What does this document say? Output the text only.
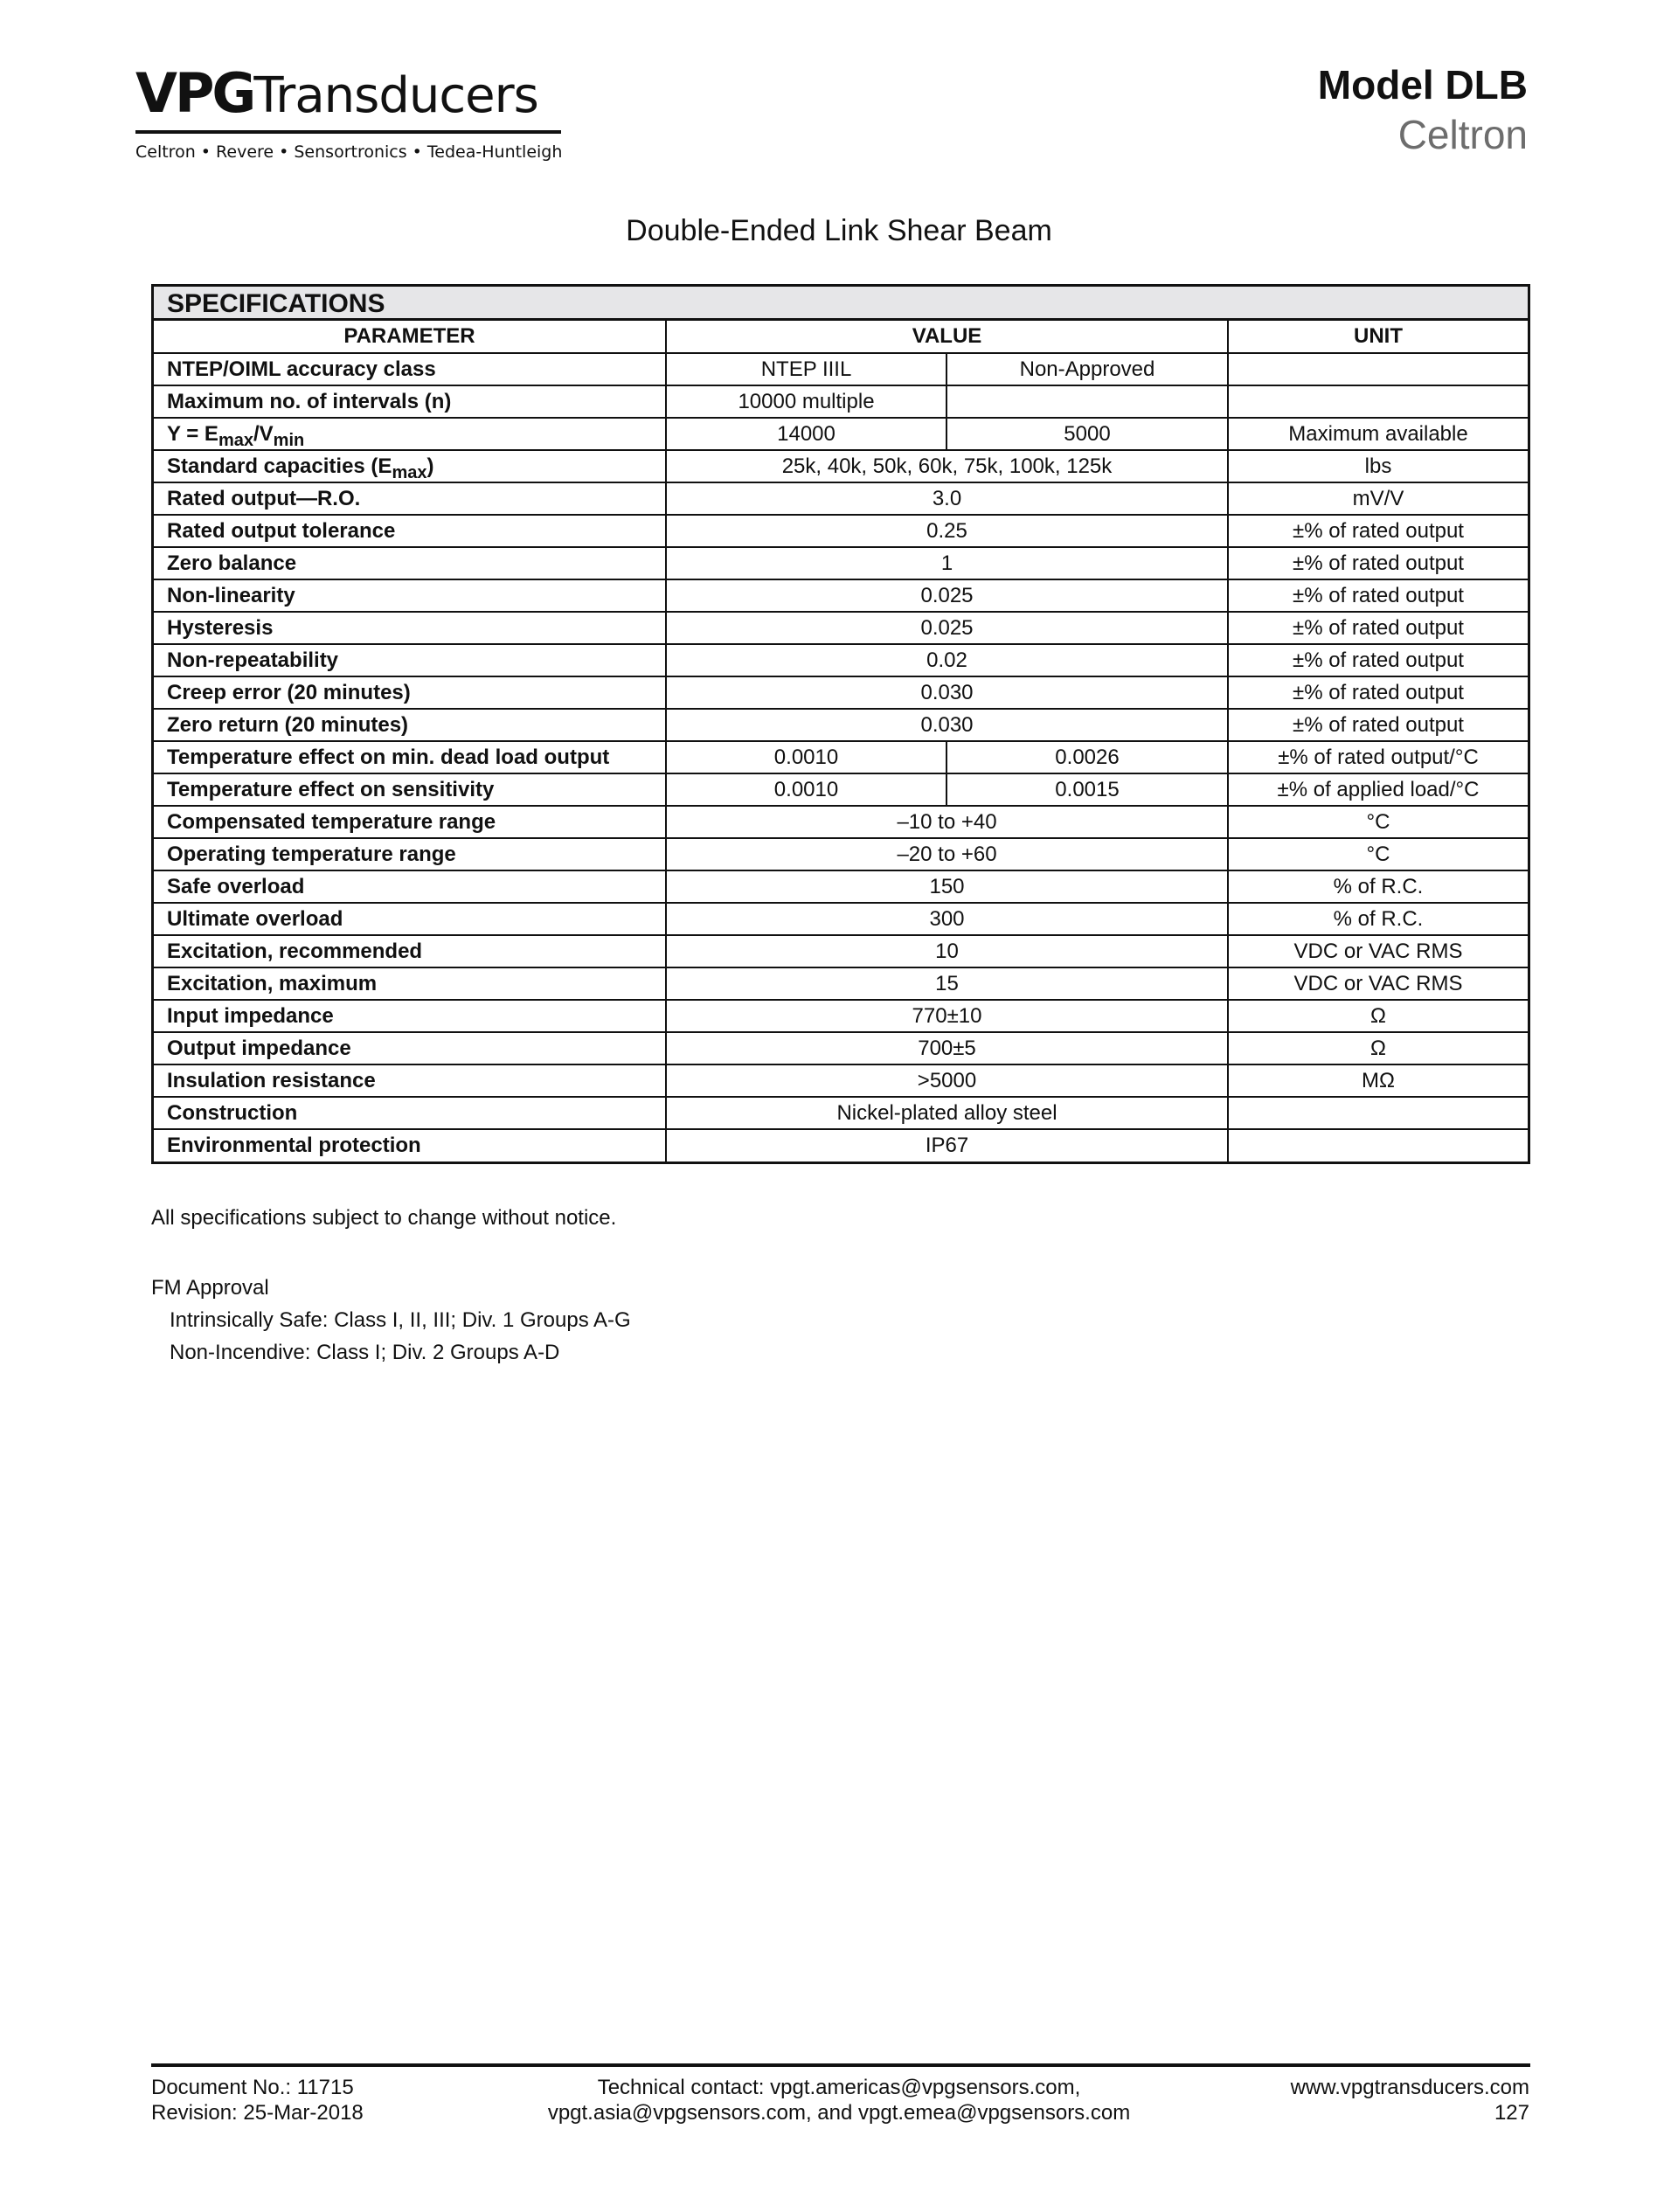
VPGTransducers
Celtron • Revere • Sensortronics • Tedea-Huntleigh
Model DLB
Celtron
Double-Ended Link Shear Beam
SPECIFICATIONS
PARAMETER	VALUE		UNIT
NTEP/OIML accuracy class	NTEP IIIL	Non-Approved	
Maximum no. of intervals (n)	10000 multiple		
$Y = E_{max}/V_{min}$	14000	5000	Maximum available
Standard capacities $(E_{max})$	25k, 40k, 50k, 60k, 75k, 100k, 125k		lbs
Rated output—R.O.	3.0		mV/V
Rated output tolerance	0.25		±% of rated output
Zero balance	1		±% of rated output
Non-linearity	0.025		±% of rated output
Hysteresis	0.025		±% of rated output
Non-repeatability	0.02		±% of rated output
Creep error (20 minutes)	0.030		±% of rated output
Zero return (20 minutes)	0.030		±% of rated output
Temperature effect on min. dead load output	0.0010	0.0026	±% of rated output/°C
Temperature effect on sensitivity	0.0010	0.0015	±% of applied load/°C
Compensated temperature range	–10 to +40		°C
Operating temperature range	–20 to +60		°C
Safe overload	150		% of R.C.
Ultimate overload	300		% of R.C.
Excitation, recommended	10		VDC or VAC RMS
Excitation, maximum	15		VDC or VAC RMS
Input impedance	770±10		Ω
Output impedance	700±5		Ω
Insulation resistance	>5000		MΩ
Construction	Nickel-plated alloy steel		
Environmental protection	IP67		
All specifications subject to change without notice.
FM Approval
Intrinsically Safe: Class I, II, III; Div. 1 Groups A-G
Non-Incendive: Class I; Div. 2 Groups A-D
Document No.: 11715
Revision: 25-Mar-2018
Technical contact: vpgt.americas@vpgsensors.com,
vpgt.asia@vpgsensors.com, and vpgt.emea@vpgsensors.com
www.vpgtransducers.com
127
